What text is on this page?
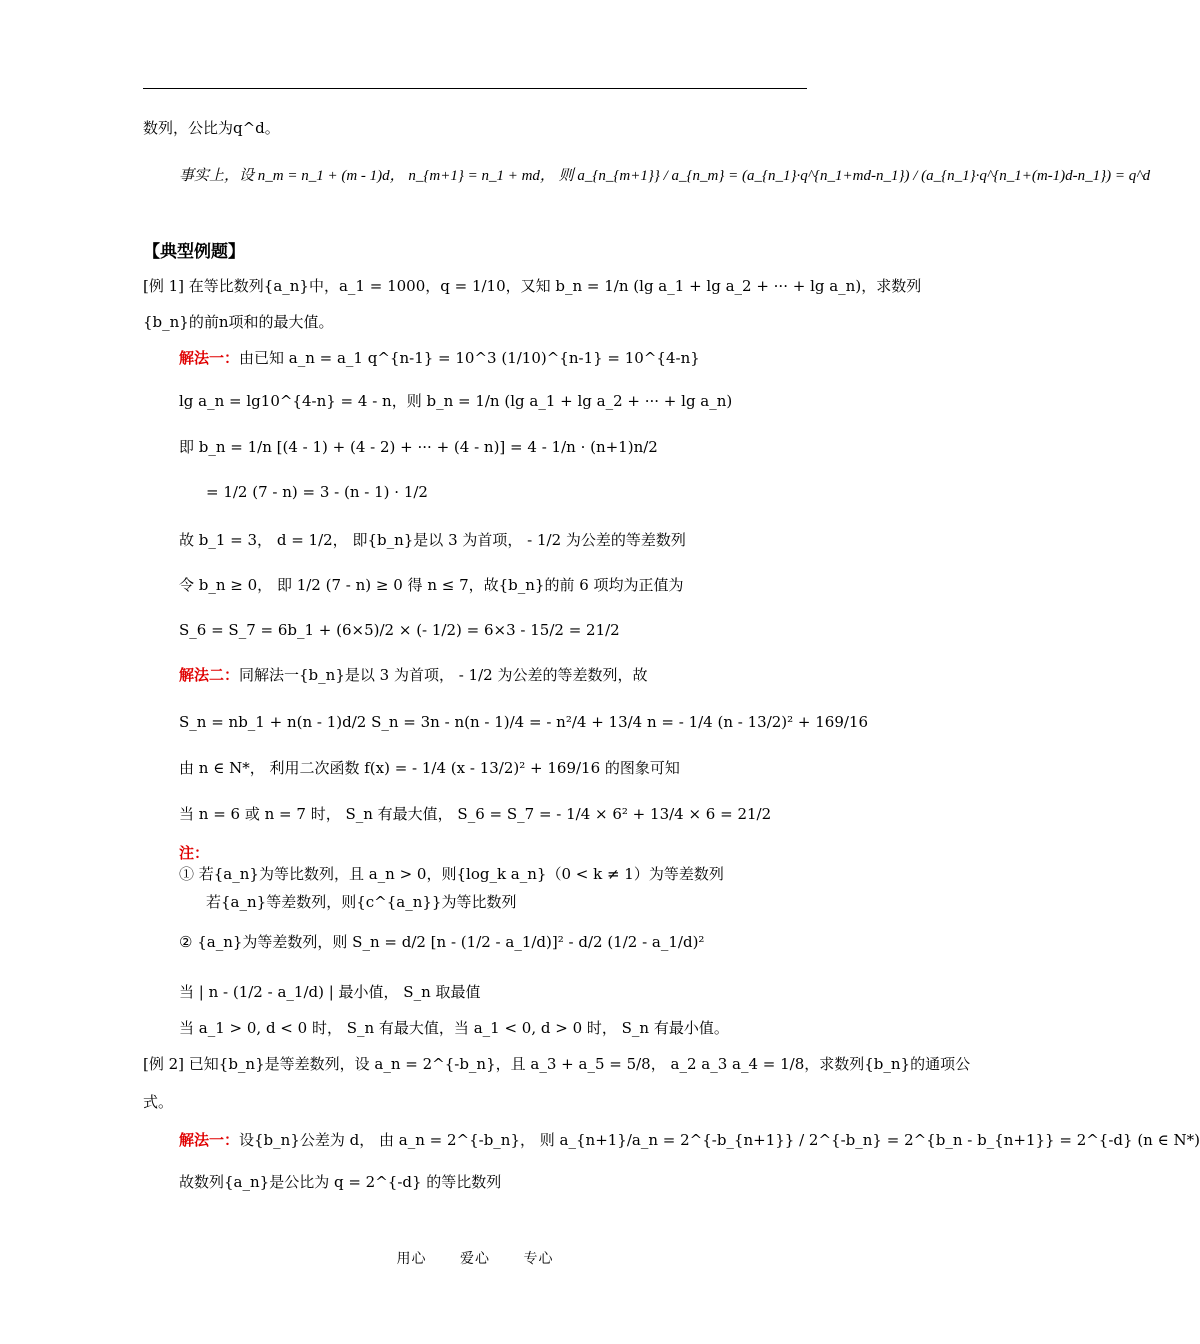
数列，公比为q^d。
事实上，设 n_m = n_1 + (m - 1)d， n_{m+1} = n_1 + md， 则 a_{n_{m+1}} / a_{n_m} = (a_{n_1}·q^{n_1+md-n_1}) / (a_{n_1}·q^{n_1+(m-1)d-n_1}) = q^d
【典型例题】
[例 1] 在等比数列{a_n}中，a_1 = 1000，q = 1/10，又知 b_n = 1/n (lg a_1 + lg a_2 + ··· + lg a_n)，求数列
{b_n}的前n项和的最大值。
解法一：由已知 a_n = a_1 q^{n-1} = 10^3 (1/10)^{n-1} = 10^{4-n}
lg a_n = lg10^{4-n} = 4 - n，则 b_n = 1/n (lg a_1 + lg a_2 + ··· + lg a_n)
即 b_n = 1/n [(4 - 1) + (4 - 2) + ··· + (4 - n)] = 4 - 1/n · (n+1)n/2
= 1/2 (7 - n) = 3 - (n - 1) · 1/2
故 b_1 = 3， d = 1/2， 即{b_n}是以 3 为首项， - 1/2 为公差的等差数列
令 b_n ≥ 0， 即 1/2 (7 - n) ≥ 0 得 n ≤ 7，故{b_n}的前 6 项均为正值为
S_6 = S_7 = 6b_1 + (6×5)/2 × (- 1/2) = 6×3 - 15/2 = 21/2
解法二：同解法一{b_n}是以 3 为首项， - 1/2 为公差的等差数列，故
S_n = nb_1 + n(n - 1)d/2 S_n = 3n - n(n - 1)/4 = - n²/4 + 13/4 n = - 1/4 (n - 13/2)² + 169/16
由 n ∈ N*， 利用二次函数 f(x) = - 1/4 (x - 13/2)² + 169/16 的图象可知
当 n = 6 或 n = 7 时， S_n 有最大值， S_6 = S_7 = - 1/4 × 6² + 13/4 × 6 = 21/2
注：
① 若{a_n}为等比数列，且 a_n > 0，则{log_k a_n}（0 < k ≠ 1）为等差数列
若{a_n}等差数列，则{c^{a_n}}为等比数列
② {a_n}为等差数列，则 S_n = d/2 [n - (1/2 - a_1/d)]² - d/2 (1/2 - a_1/d)²
当 | n - (1/2 - a_1/d) | 最小值， S_n 取最值
当 a_1 > 0, d < 0 时， S_n 有最大值，当 a_1 < 0, d > 0 时， S_n 有最小值。
[例 2] 已知{b_n}是等差数列，设 a_n = 2^{-b_n}，且 a_3 + a_5 = 5/8， a_2 a_3 a_4 = 1/8，求数列{b_n}的通项公
式。
解法一：设{b_n}公差为 d， 由 a_n = 2^{-b_n}， 则 a_{n+1}/a_n = 2^{-b_{n+1}} / 2^{-b_n} = 2^{b_n - b_{n+1}} = 2^{-d} (n ∈ N*)
故数列{a_n}是公比为 q = 2^{-d} 的等比数列
用心 爱心 专心
